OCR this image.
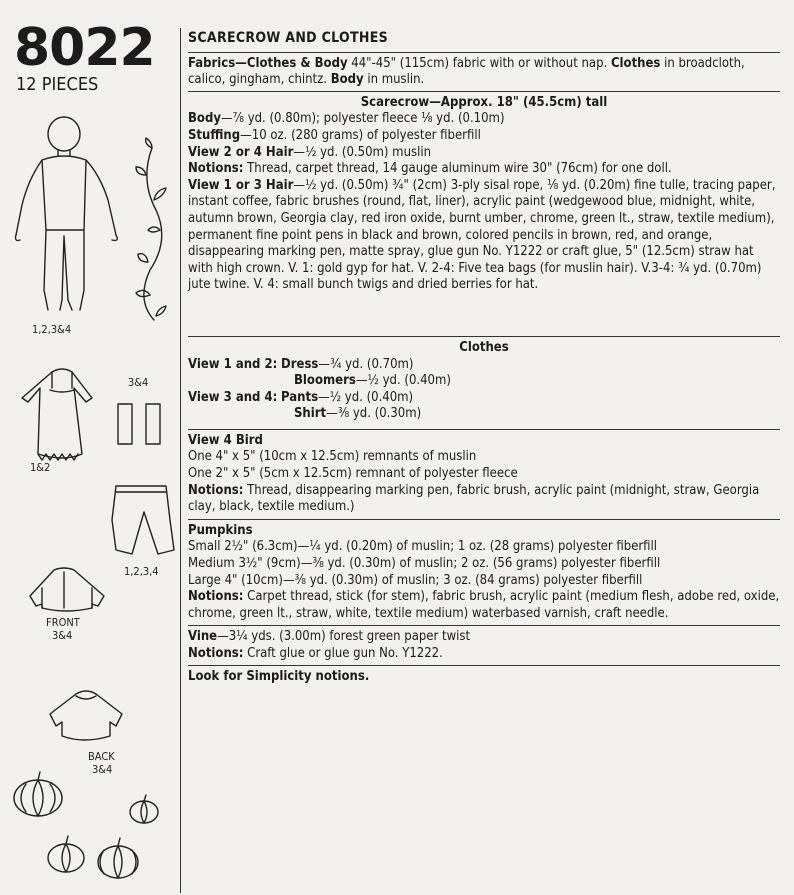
8022
12 PIECES
1,2,3&4
1&2
3&4
1,2,3,4
FRONT
3&4
BACK
3&4
SCARECROW AND CLOTHES

Fabrics—Clothes & Body 44"-45" (115cm) fabric with or without nap. Clothes in broadcloth, calico, gingham, chintz. Body in muslin.

Scarecrow—Approx. 18" (45.5cm) tall

Body—⅞ yd. (0.80m); polyester fleece ⅛ yd. (0.10m)

Stuffing—10 oz. (280 grams) of polyester fiberfill

View 2 or 4 Hair—½ yd. (0.50m) muslin

Notions: Thread, carpet thread, 14 gauge aluminum wire 30" (76cm) for one doll.

View 1 or 3 Hair—½ yd. (0.50m) ¾" (2cm) 3-ply sisal rope, ⅛ yd. (0.20m) fine tulle, tracing paper, instant coffee, fabric brushes (round, flat, liner), acrylic paint (wedgewood blue, midnight, white, autumn brown, Georgia clay, red iron oxide, burnt umber, chrome, green lt., straw, textile medium), permanent fine point pens in black and brown, colored pencils in brown, red, and orange, disappearing marking pen, matte spray, glue gun No. Y1222 or craft glue, 5" (12.5cm) straw hat with high crown. V. 1: gold gyp for hat. V. 2-4: Five tea bags (for muslin hair). V.3-4: ¾ yd. (0.70m) jute twine. V. 4: small bunch twigs and dried berries for hat.

Clothes

View 1 and 2: Dress—¾ yd. (0.70m)

Bloomers—½ yd. (0.40m)

View 3 and 4: Pants—½ yd. (0.40m)

Shirt—⅜ yd. (0.30m)

View 4 Bird

One 4" x 5" (10cm x 12.5cm) remnants of muslin

One 2" x 5" (5cm x 12.5cm) remnant of polyester fleece

Notions: Thread, disappearing marking pen, fabric brush, acrylic paint (midnight, straw, Georgia clay, black, textile medium.)

Pumpkins

Small 2½" (6.3cm)—¼ yd. (0.20m) of muslin; 1 oz. (28 grams) polyester fiberfill

Medium 3½" (9cm)—⅜ yd. (0.30m) of muslin; 2 oz. (56 grams) polyester fiberfill

Large 4" (10cm)—⅜ yd. (0.30m) of muslin; 3 oz. (84 grams) polyester fiberfill

Notions: Carpet thread, stick (for stem), fabric brush, acrylic paint (medium flesh, adobe red, oxide, chrome, green lt., straw, white, textile medium) waterbased varnish, craft needle.

Vine—3¼ yds. (3.00m) forest green paper twist

Notions: Craft glue or glue gun No. Y1222.

Look for Simplicity notions.
